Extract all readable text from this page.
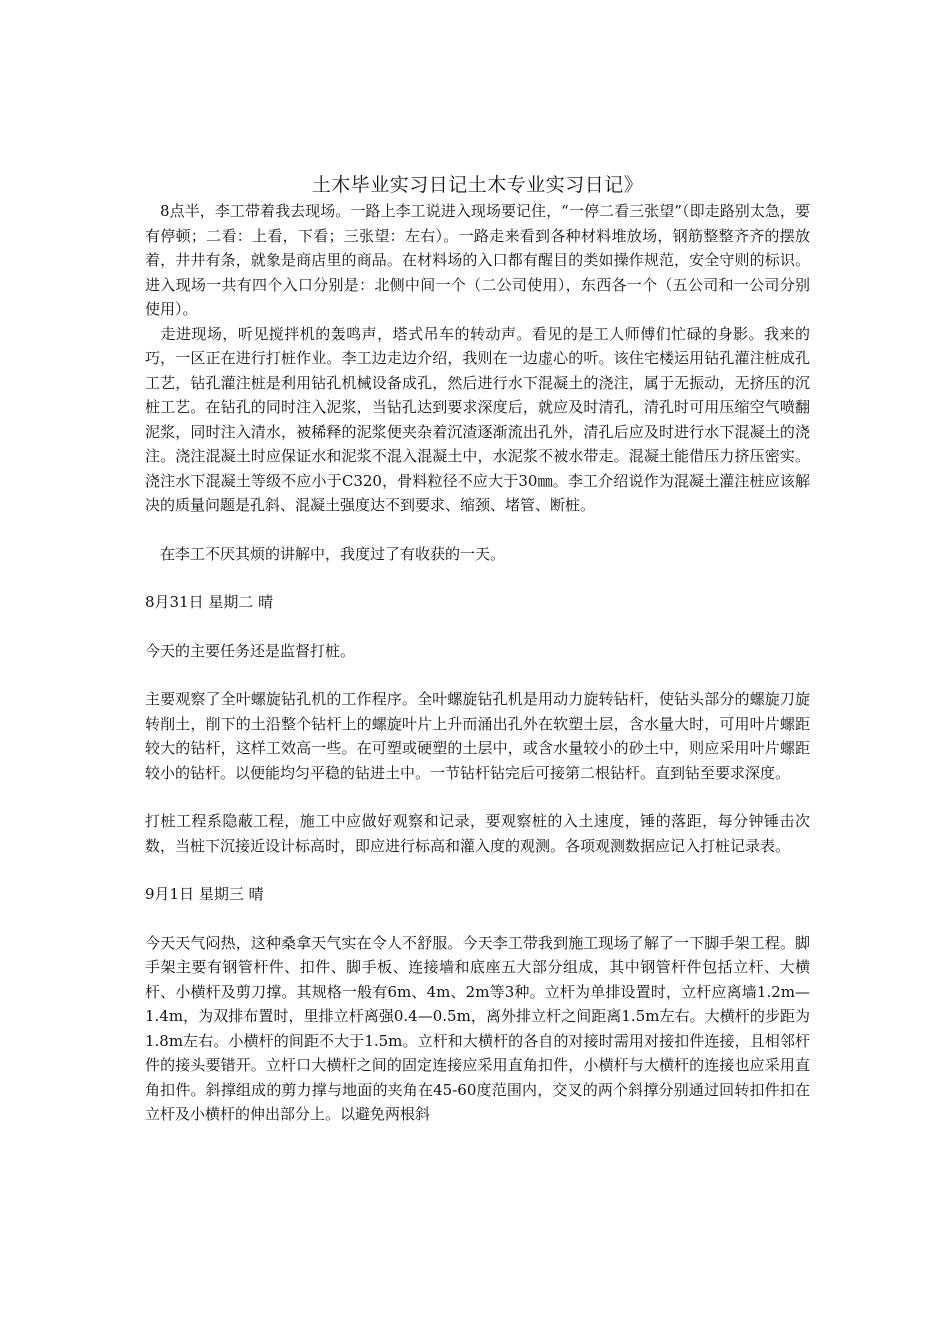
土木毕业实习日记土木专业实习日记》

　8点半，李工带着我去现场。一路上李工说进入现场要记住，“一停二看三张望”（即走路别太急，要有停顿；二看：上看，下看；三张望：左右）。一路走来看到各种材料堆放场，钢筋整整齐齐的摆放着，井井有条，就象是商店里的商品。在材料场的入口都有醒目的类如操作规范，安全守则的标识。进入现场一共有四个入口分别是：北侧中间一个（二公司使用），东西各一个（五公司和一公司分别使用）。

　走进现场，听见搅拌机的轰鸣声，塔式吊车的转动声。看见的是工人师傅们忙碌的身影。我来的巧，一区正在进行打桩作业。李工边走边介绍，我则在一边虚心的听。该住宅楼运用钻孔灌注桩成孔工艺，钻孔灌注桩是利用钻孔机械设备成孔，然后进行水下混凝土的浇注，属于无振动，无挤压的沉桩工艺。在钻孔的同时注入泥浆，当钻孔达到要求深度后，就应及时清孔，清孔时可用压缩空气喷翻泥浆，同时注入清水，被稀释的泥浆便夹杂着沉渣逐渐流出孔外，清孔后应及时进行水下混凝土的浇注。浇注混凝土时应保证水和泥浆不混入混凝土中，水泥浆不被水带走。混凝土能借压力挤压密实。浇注水下混凝土等级不应小于C320，骨料粒径不应大于30㎜。李工介绍说作为混凝土灌注桩应该解决的质量问题是孔斜、混凝土强度达不到要求、缩颈、堵管、断桩。

　在李工不厌其烦的讲解中，我度过了有收获的一天。

8月31日 星期二 晴

今天的主要任务还是监督打桩。

主要观察了全叶螺旋钻孔机的工作程序。全叶螺旋钻孔机是用动力旋转钻杆，使钻头部分的螺旋刀旋转削土，削下的土沿整个钻杆上的螺旋叶片上升而涌出孔外在软塑土层，含水量大时，可用叶片螺距较大的钻杆，这样工效高一些。在可塑或硬塑的土层中，或含水量较小的砂土中，则应采用叶片螺距较小的钻杆。以便能均匀平稳的钻进土中。一节钻杆钻完后可接第二根钻杆。直到钻至要求深度。

打桩工程系隐蔽工程，施工中应做好观察和记录，要观察桩的入土速度，锤的落距，每分钟锤击次数，当桩下沉接近设计标高时，即应进行标高和灌入度的观测。各项观测数据应记入打桩记录表。

9月1日 星期三 晴

今天天气闷热，这种桑拿天气实在令人不舒服。今天李工带我到施工现场了解了一下脚手架工程。脚手架主要有钢管杆件、扣件、脚手板、连接墙和底座五大部分组成，其中钢管杆件包括立杆、大横杆、小横杆及剪刀撑。其规格一般有6m、4m、2m等3种。立杆为单排设置时，立杆应离墙1.2m—1.4m，为双排布置时，里排立杆离强0.4—0.5m，离外排立杆之间距离1.5m左右。大横杆的步距为1.8m左右。小横杆的间距不大于1.5m。立杆和大横杆的各自的对接时需用对接扣件连接，且相邻杆件的接头要错开。立杆口大横杆之间的固定连接应采用直角扣件，小横杆与大横杆的连接也应采用直角扣件。斜撑组成的剪力撑与地面的夹角在45-60度范围内，交叉的两个斜撑分别通过回转扣件扣在立杆及小横杆的伸出部分上。以避免两根斜
